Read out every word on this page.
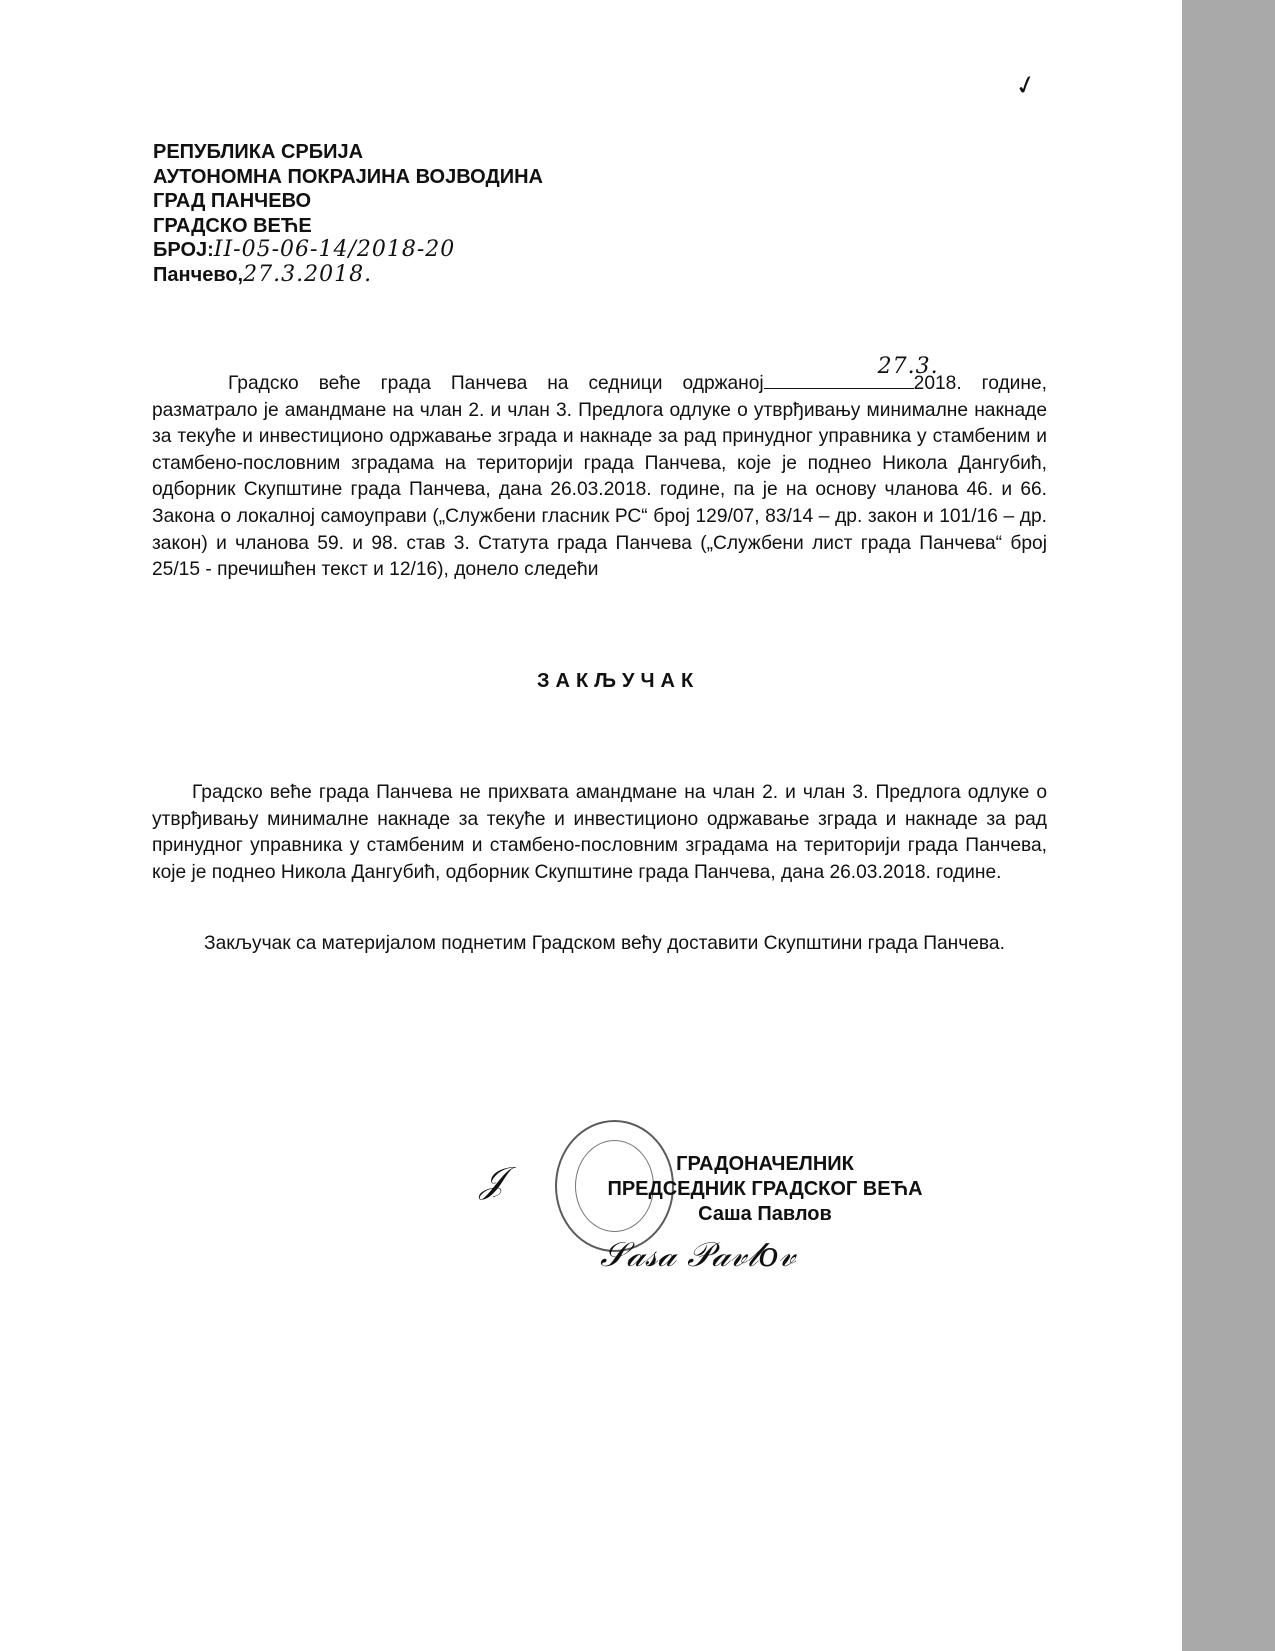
✓
РЕПУБЛИКА СРБИЈА
АУТОНОМНА ПОКРАЈИНА ВОЈВОДИНА
ГРАД ПАНЧЕВО
ГРАДСКО ВЕЋЕ
БРОЈ:II-05-06-14/2018-20
Панчево,27.3.2018.
Градско веће града Панчева на седници одржаној
27.3.
2018. године, разматрало је амандмане на члан 2. и члан 3. Предлога одлуке о утврђивању минималне накнаде за текуће и инвестиционо одржавање зграда и накнаде за рад принудног управника у стамбеним и стамбено-пословним зградама на територији града Панчева, које је поднео Никола Дангубић, одборник Скупштине града Панчева, дана 26.03.2018. године, па је на основу чланова 46. и 66. Закона о локалној самоуправи („Службени гласник РС“ број 129/07, 83/14 – др. закон и 101/16 – др. закон) и чланова 59. и 98. став 3. Статута града Панчева („Службени лист града Панчева“ број 25/15 - пречишћен текст и 12/16), донело следећи
ЗАКЉУЧАК
Градско веће града Панчева не прихвата амандмане на члан 2. и члан 3. Предлога одлуке о утврђивању минималне накнаде за текуће и инвестиционо одржавање зграда и накнаде за рад принудног управника у стамбеним и стамбено-пословним зградама на територији града Панчева, које је поднео Никола Дангубић, одборник Скупштине града Панчева, дана 26.03.2018. године.
Закључак са материјалом поднетим Градском већу доставити Скупштини града Панчева.
𝒥	ГРАДОНАЧЕЛНИК
ПРЕДСЕДНИК ГРАДСКОГ ВЕЋА
Саша Павлов
𝒮𝒶𝓈𝒶 𝒫𝒶𝓋𝓁𝑜𝓋
